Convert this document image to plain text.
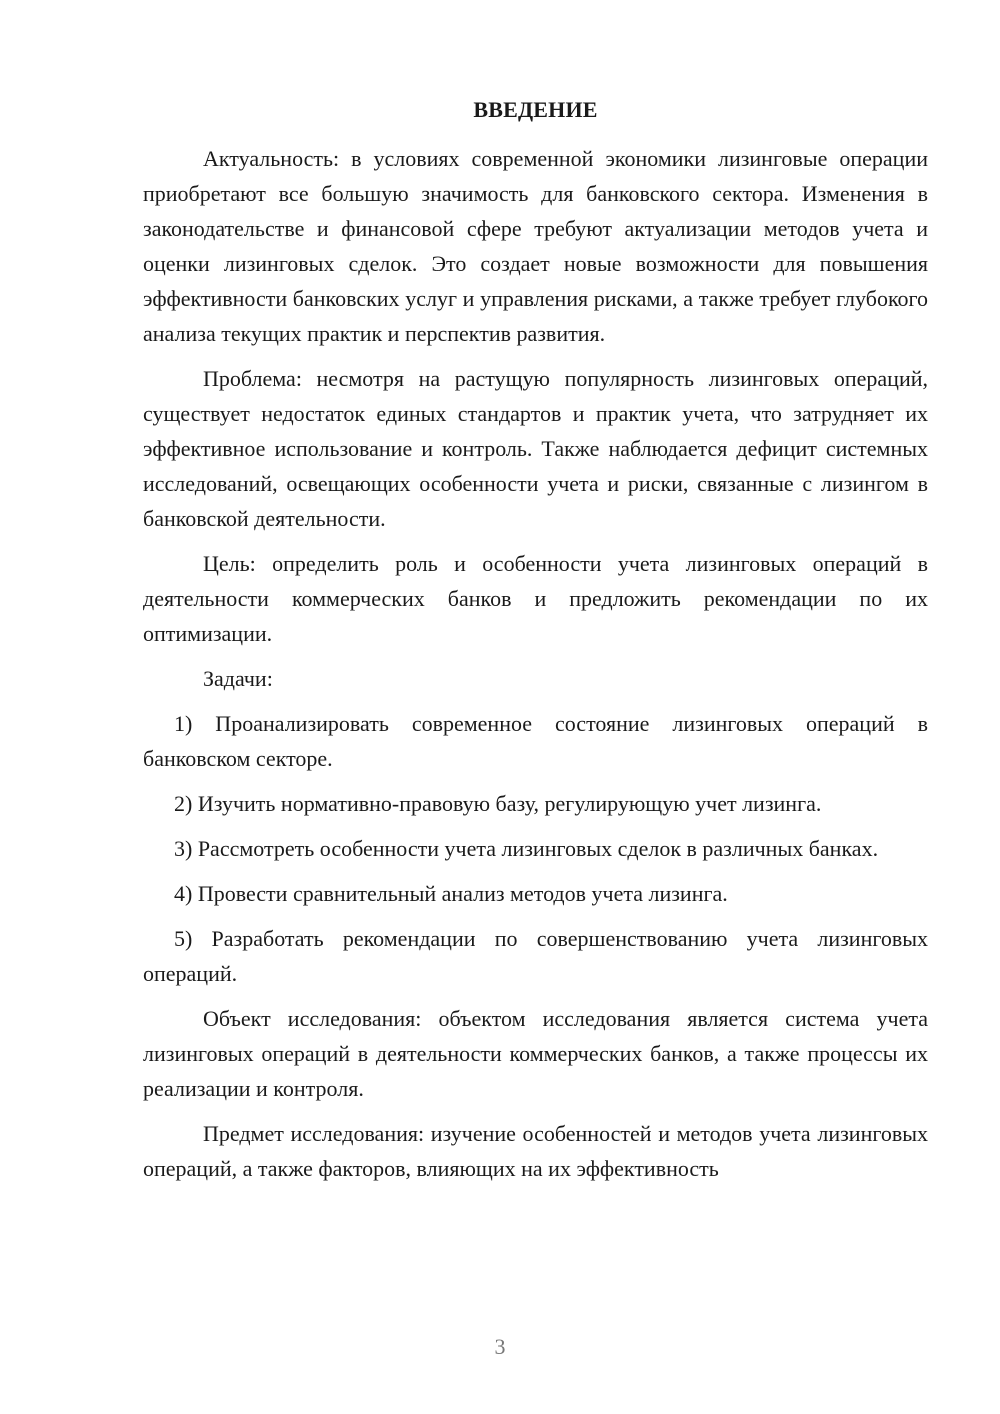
ВВЕДЕНИЕ

Актуальность: в условиях современной экономики лизинговые операции приобретают все большую значимость для банковского сектора. Изменения в законодательстве и финансовой сфере требуют актуализации методов учета и оценки лизинговых сделок. Это создает новые возможности для повышения эффективности банковских услуг и управления рисками, а также требует глубокого анализа текущих практик и перспектив развития.

Проблема: несмотря на растущую популярность лизинговых операций, существует недостаток единых стандартов и практик учета, что затрудняет их эффективное использование и контроль. Также наблюдается дефицит системных исследований, освещающих особенности учета и риски, связанные с лизингом в банковской деятельности.

Цель: определить роль и особенности учета лизинговых операций в деятельности коммерческих банков и предложить рекомендации по их оптимизации.

Задачи:

1) Проанализировать современное состояние лизинговых операций в банковском секторе.

2) Изучить нормативно-правовую базу, регулирующую учет лизинга.

3) Рассмотреть особенности учета лизинговых сделок в различных банках.

4) Провести сравнительный анализ методов учета лизинга.

5) Разработать рекомендации по совершенствованию учета лизинговых операций.

Объект исследования: объектом исследования является система учета лизинговых операций в деятельности коммерческих банков, а также процессы их реализации и контроля.

Предмет исследования: изучение особенностей и методов учета лизинговых операций, а также факторов, влияющих на их эффективность

3
